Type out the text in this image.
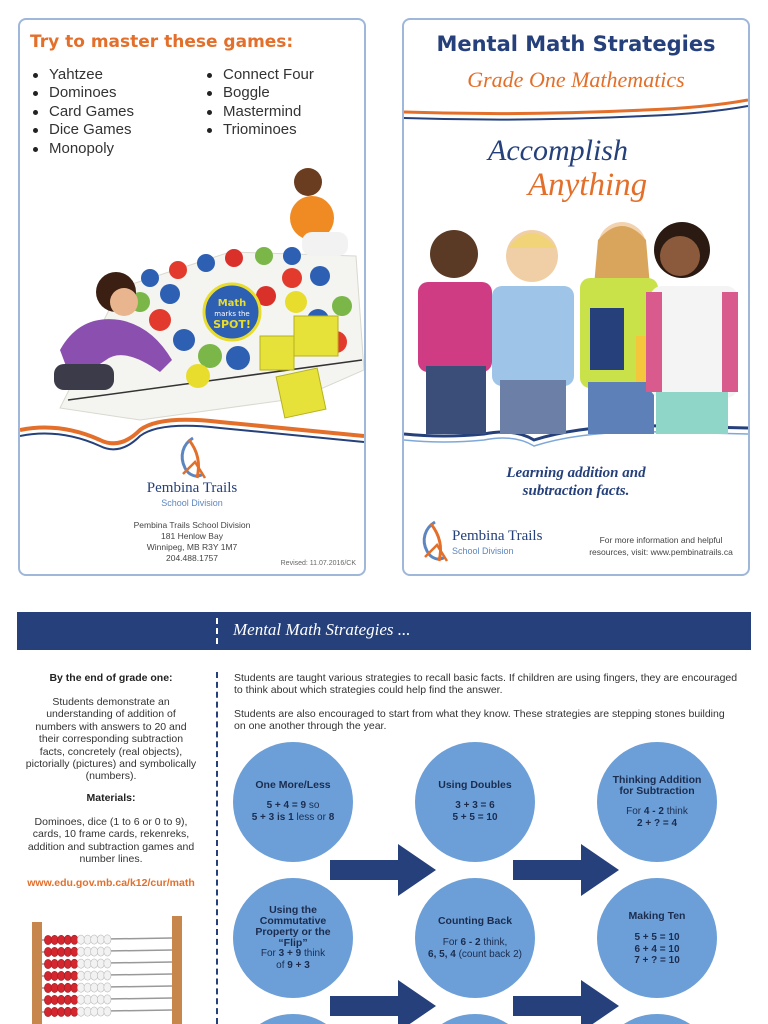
Try to master these games:
Yahtzee
Dominoes
Card Games
Dice Games
Monopoly
Connect Four
Boggle
Mastermind
Triominoes
Math
marks the
SPOT!
Pembina Trails
School Division
Pembina Trails School Division
181 Henlow Bay
Winnipeg, MB R3Y 1M7
204.488.1757
Revised: 11.07.2016/CK
Mental Math Strategies
Grade One Mathematics
Accomplish
Anything
Learning addition and
subtraction facts.
Pembina Trails
School Division
For more information and helpful
resources, visit: www.pembinatrails.ca
Mental Math Strategies ...
By the end of grade one:
Students demonstrate an
understanding of addition of
numbers with answers to 20 and
their corresponding subtraction
facts, concretely (real objects),
pictorially (pictures) and symbolically
(numbers).
Materials:
Dominoes, dice (1 to 6 or 0 to 9),
cards, 10 frame cards, rekenreks,
addition and subtraction games and
number lines.
www.edu.gov.mb.ca/k12/cur/math
Students are taught various strategies to recall basic facts. If children are using fingers, they are encouraged
to think about which strategies could help find the answer.
Students are also encouraged to start from what they know. These strategies are stepping stones building
on one another through the year.
One More/Less
5 + 4 = 9 so
5 + 3 is 1 less or 8
Using Doubles
3 + 3 = 6
5 + 5 = 10
Thinking Addition
for Subtraction
For 4 - 2 think
2 + ? = 4
Using the
Commutative
Property or the “Flip”
For 3 + 9 think
of 9 + 3
Counting Back
For 6 - 2 think,
6, 5, 4 (count back 2)
Making Ten
5 + 5 = 10
6 + 4 = 10
7 + ? = 10
